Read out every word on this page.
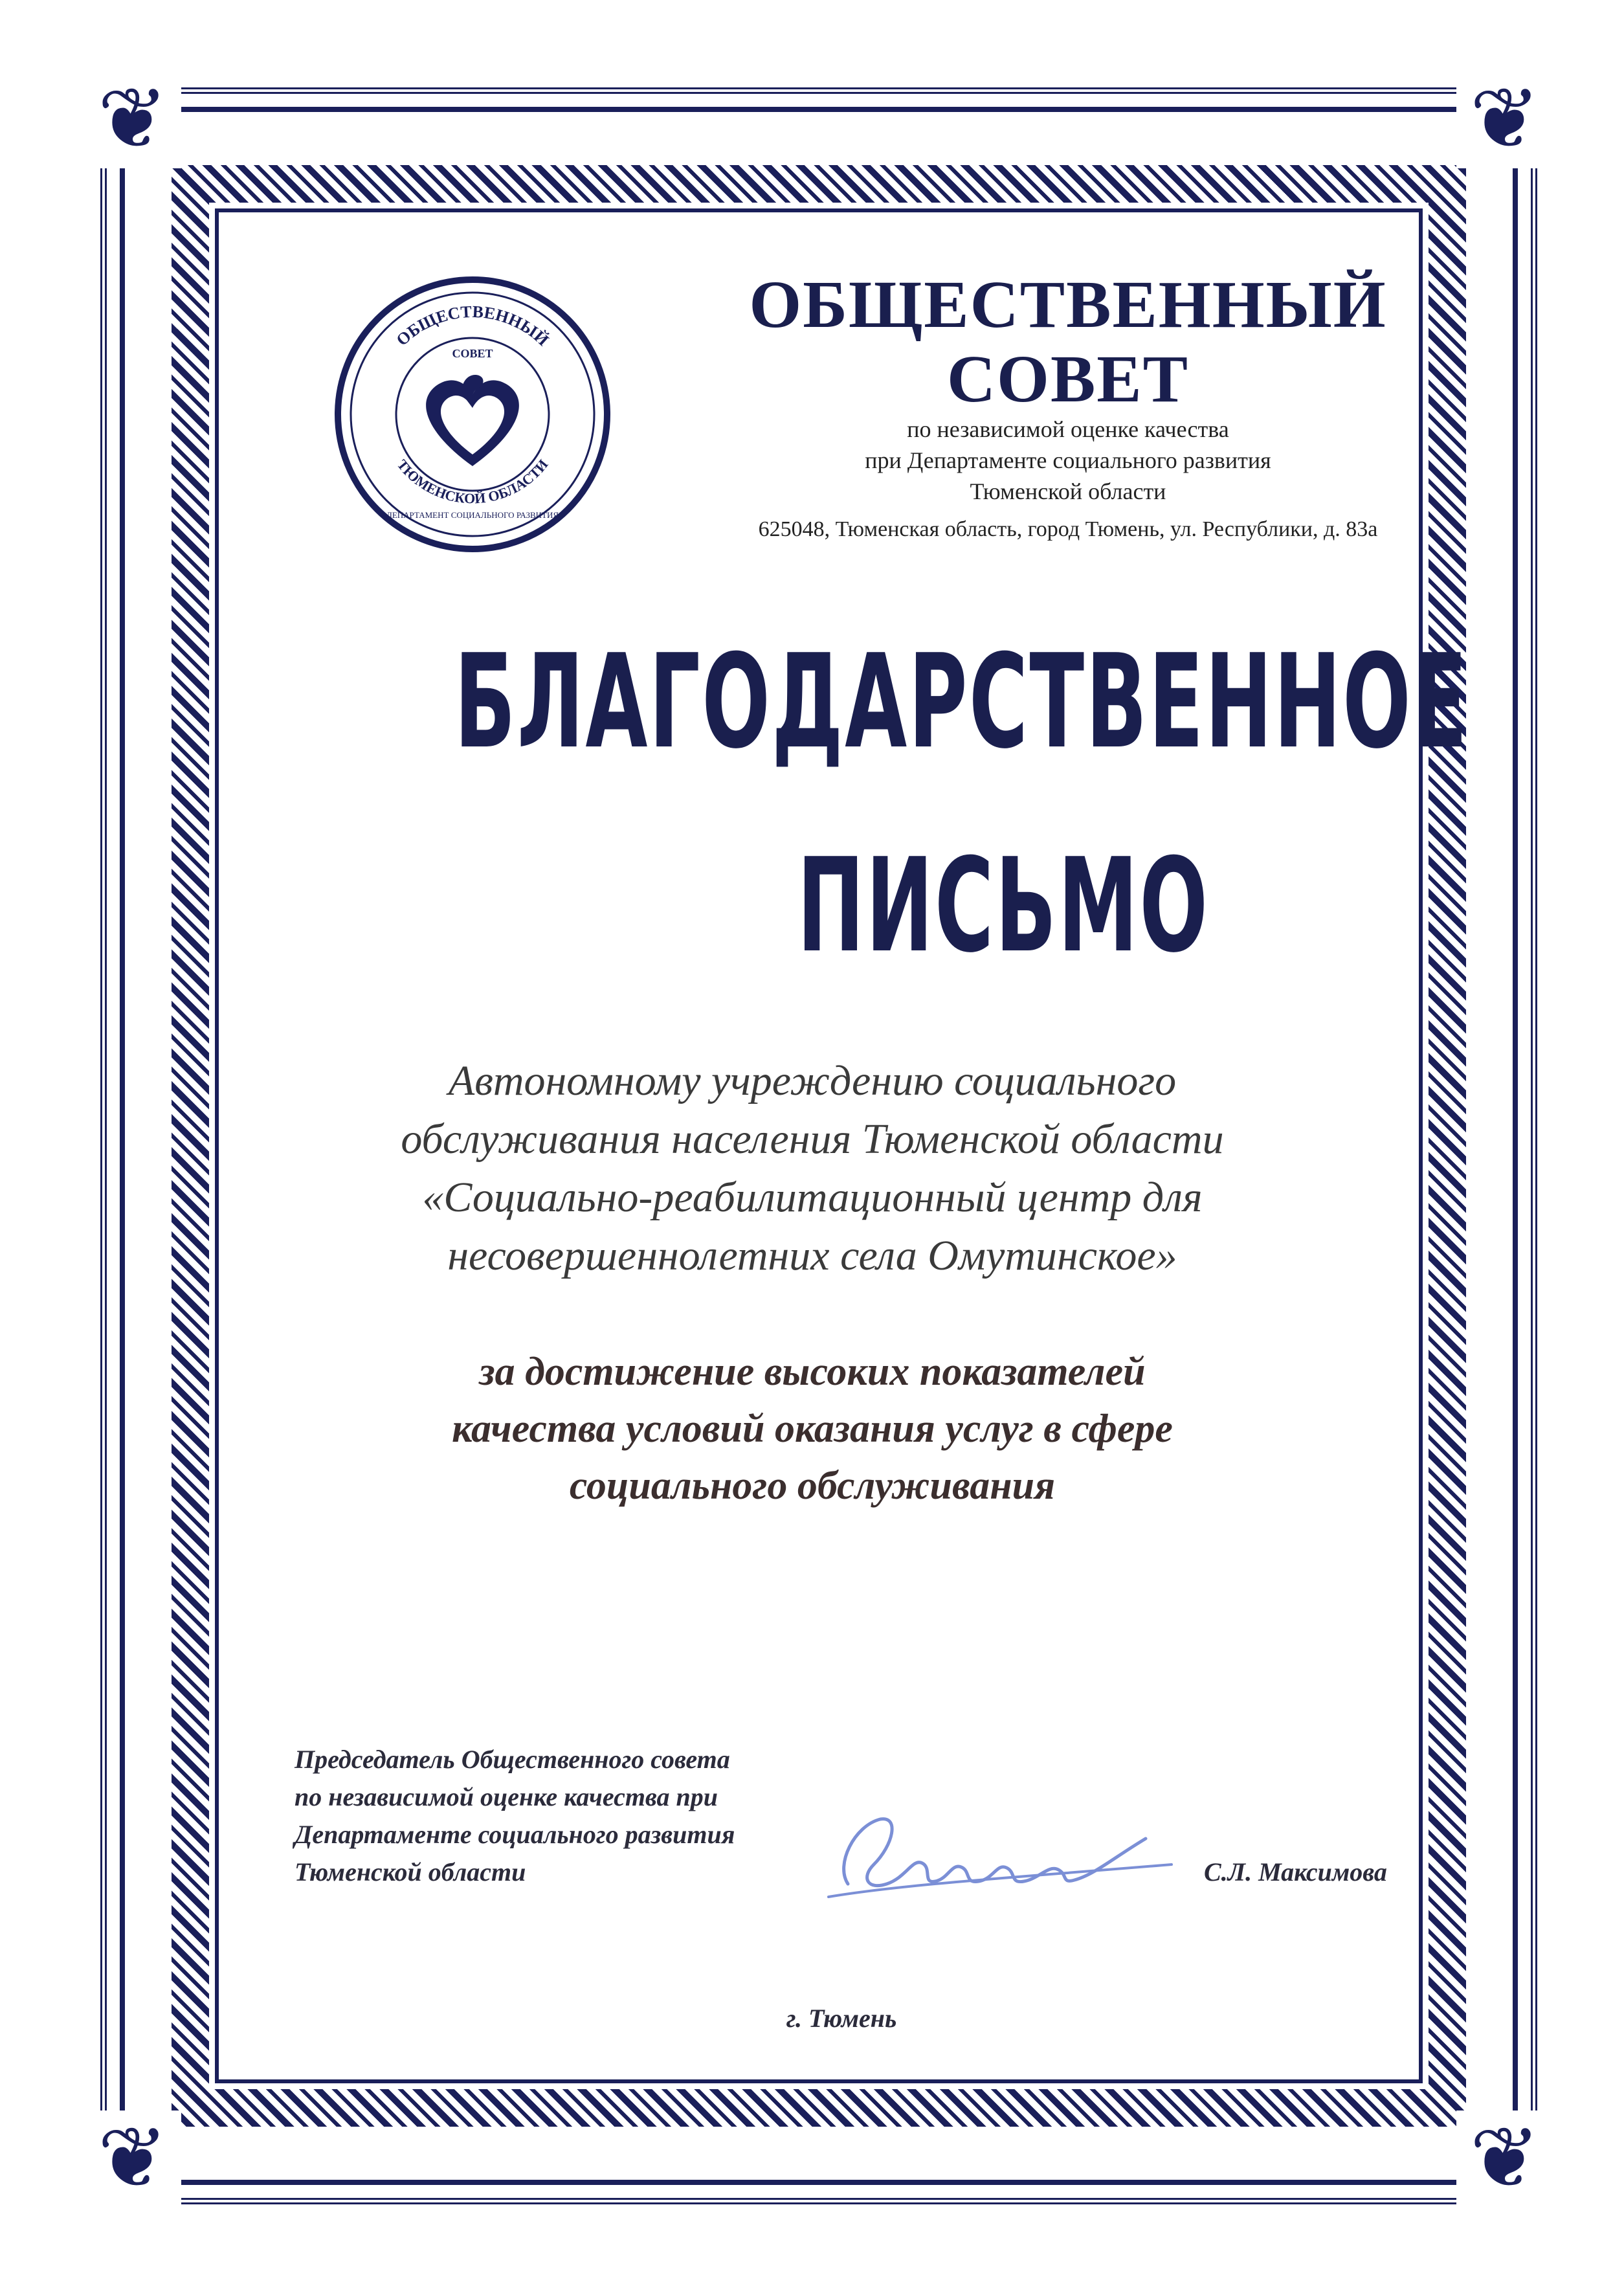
❦	❦
❦	❦
ОБЩЕСТВЕННЫЙ
ТЮМЕНСКОЙ ОБЛАСТИ
СОВЕТ
ДЕПАРТАМЕНТ СОЦИАЛЬНОГО РАЗВИТИЯ
ОБЩЕСТВЕННЫЙ
СОВЕТ
по независимой оценке качества
при Департаменте социального развития
Тюменской области
625048, Тюменская область, город Тюмень, ул. Республики, д. 83а
БЛАГОДАРСТВЕННОЕ
ПИСЬМО
Автономному учреждению социального
обслуживания населения Тюменской области
«Социально-реабилитационный центр для
несовершеннолетних села Омутинское»
за достижение высоких показателей
качества условий оказания услуг в сфере
социального обслуживания
Председатель Общественного совета
по независимой оценке качества при
Департаменте социального развития
Тюменской области	С.Л. Максимова
г. Тюмень
